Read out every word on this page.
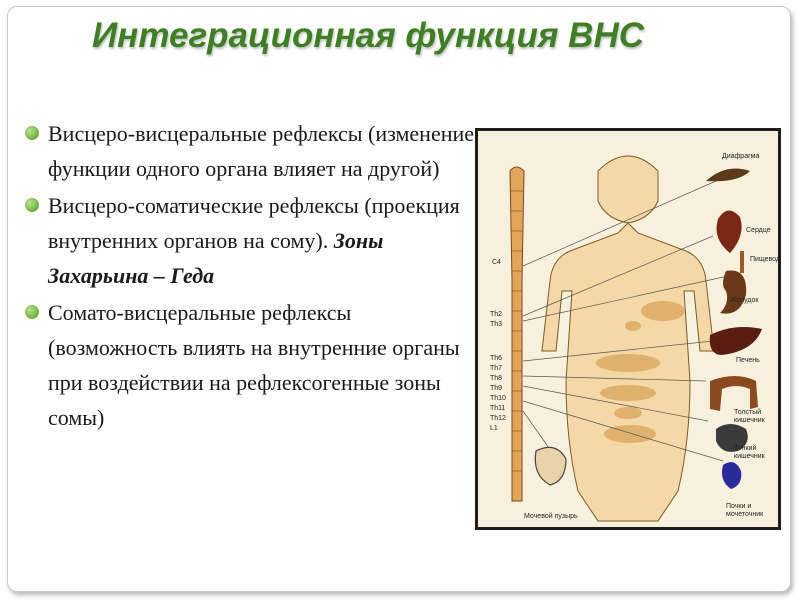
Интеграционная функция ВНС
Висцеро-висцеральные рефлексы (изменение функции одного органа влияет на другой)
Висцеро-соматические рефлексы (проекция внутренних органов на сому). Зоны Захарьина – Геда
Сомато-висцеральные рефлексы (возможность влиять на внутренние органы при воздействии на рефлексогенные зоны сомы)
Диафрагма
Сердце
Пищевод
Желудок
Печень
Толстый кишечник
Тонкий кишечник
Почки и мочеточник
Мочевой пузырь
C4
Th2
Th3
Th6
Th7
Th8
Th9
Th10
Th11
Th12
L1
